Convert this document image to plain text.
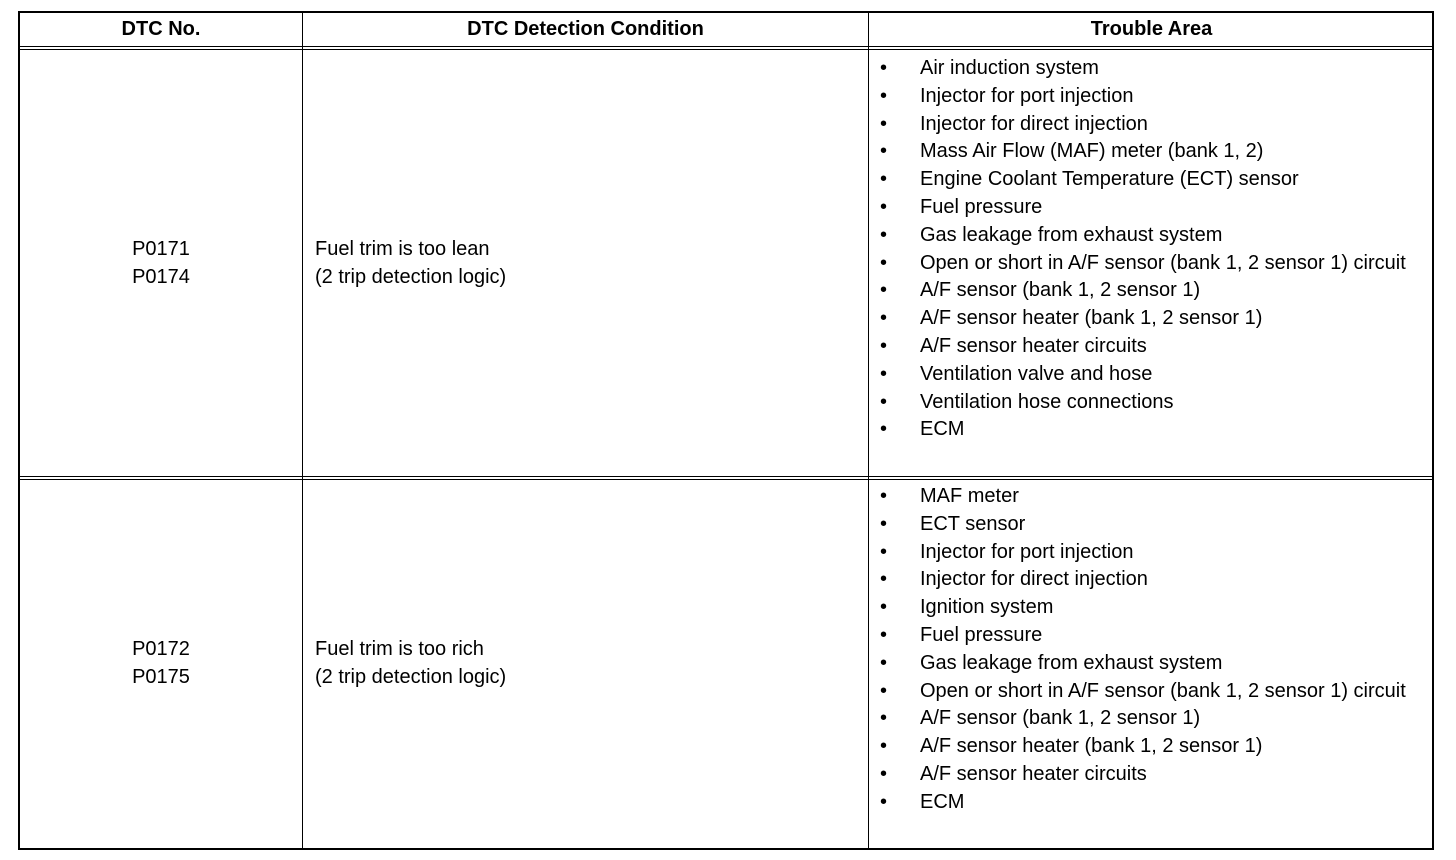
DTC No.	DTC Detection Condition	Trouble Area
P0171
P0174
Fuel trim is too lean
(2 trip detection logic)
• Air induction system
• Injector for port injection
• Injector for direct injection
• Mass Air Flow (MAF) meter (bank 1, 2)
• Engine Coolant Temperature (ECT) sensor
• Fuel pressure
• Gas leakage from exhaust system
• Open or short in A/F sensor (bank 1, 2 sensor 1) circuit
• A/F sensor (bank 1, 2 sensor 1)
• A/F sensor heater (bank 1, 2 sensor 1)
• A/F sensor heater circuits
• Ventilation valve and hose
• Ventilation hose connections
• ECM
P0172
P0175
Fuel trim is too rich
(2 trip detection logic)
• MAF meter
• ECT sensor
• Injector for port injection
• Injector for direct injection
• Ignition system
• Fuel pressure
• Gas leakage from exhaust system
• Open or short in A/F sensor (bank 1, 2 sensor 1) circuit
• A/F sensor (bank 1, 2 sensor 1)
• A/F sensor heater (bank 1, 2 sensor 1)
• A/F sensor heater circuits
• ECM
